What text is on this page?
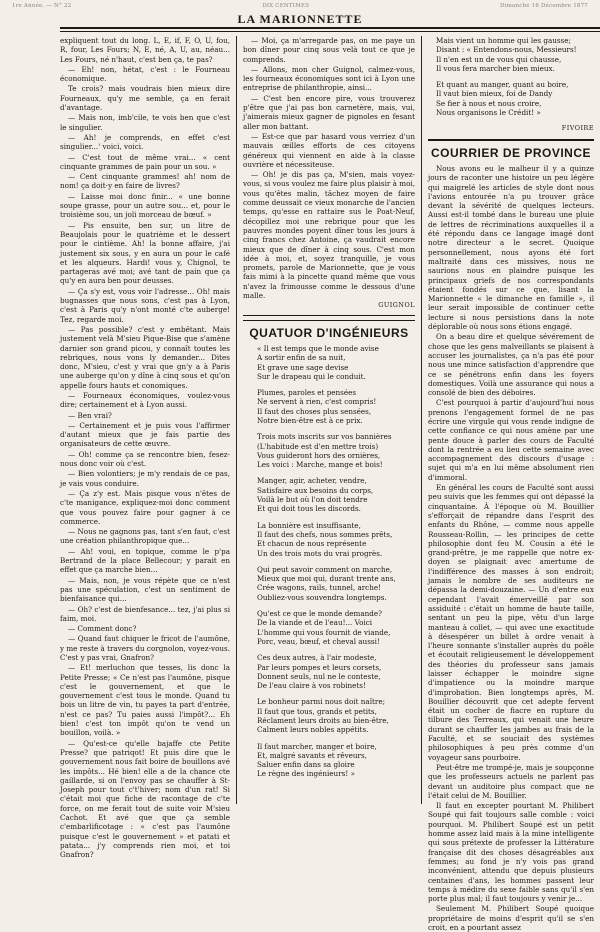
1re Année. — N° 22	DIX CENTIMES	Dimanche 16 Décembre 1877
LA MARIONNETTE

expliquent tout du long. L, E, if, F, O, U, fou, R, four, Les Fours; N, E, né, A, U, au, néau... Les Fours, né n'haut, c'est ben ça, te pas?

— Eh! non, hétat, c'est : le Fourneau économique.

Te crois? mais voudrais bien mieux dire Fourneaux, qu'y me semble, ça en ferait d'avantage.

— Mais non, imb'cile, te vois ben que c'est le singulier.

— Ah! je comprends, en effet c'est singulier...' voici, voici.

— C'est tout de même vrai... « cent cinquante grammes de pain pour un sou. »

— Cent cinquante grammes! ah! nom de nom! ça doit-y en faire de livres?

— Laisse moi donc finir... « une bonne soupe grasse, pour un autre sou... et, pour le troisième sou, un joli morceau de bœuf. »

— Pis ensuite, ben sur, un litre de Beaujolais pour le quatrième et le dessert pour le cintième. Ah! la bonne affaire, j'ai justement six sous, y en aura un pour le café et les alqueurs. Hardi! vous y, Chignol, te partageras avé moi; avé tant de pain que ça qu'y en aura ben pour deusses.

— Ça s'y est, vous voir l'adresse... Oh! mais bugnasses que nous sons, c'est pas à Lyon, c'est à Paris qu'y n'ont monté c'te auberge! Tez, regarde moi.

— Pas possible? c'est y embêtant. Mais justement velà M'sieu Pique-Bise que s'amène darnier son grand picou, y connaît toutes les rebriques, nous vons ly demander... Dites donc, M'sieu, c'est y vrai que gn'y a à Paris une auberge qu'on y dîne à cinq sous et qu'on appelle fours hauts et conomiques.

— Fourneaux économiques, voulez-vous dire; certainement et à Lyon aussi.

— Ben vrai?

— Certainement et je puis vous l'affirmer d'autant mieux que je fais partie des organisateurs de cette œuvre.

— Oh! comme ça se rencontre bien, fesez-nous donc voir où c'est.

— Bien volontiers; je m'y rendais de ce pas, je vais vous conduire.

— Ça z'y est. Mais pisque vous n'êtes de c'te manigance, expliquez-moi donc comment que vous pouvez faire pour gagner à ce commerce.

— Nous ne gagnons pas, tant s'en faut, c'est une création philanthropique que...

— Ah! voui, en topique, comme le p'pa Bertrand de la place Bellecour; y parait en effet que ça marche bien...

— Mais, non, je vous répète que ce n'est pas une spéculation, c'est un sentiment de bienfaisance qui...

— Oh? c'est de bienfesance... tez, j'ai plus si faim, moi.

— Comment donc?

— Quand faut chiquer le fricot de l'aumône, y me reste à travers du corgnolon, voyez-vous. C'est y pas vrai, Gnafron?

— Et! merluchon que tesses, lis donc la Petite Presse; « Ce n'est pas l'aumône, pisque c'est le gouvernement, et que le gouvernement c'est tous le monde. Quand tu bois un litre de vin, tu payes ta part d'entrée, n'est ce pas? Tu paies aussi l'impôt?... Eh bien! c'est ton impôt qu'on te vend un bouillon, voilà. »

— Qu'est-ce qu'elle bajaffe cte Petite Presse? que patriqot! Et puis dire que le gouvernement nous fait boire de bouillons avé les impôts... Hé bien! elle a de la chance cte gaillarde, si on l'envoy pas se chauffer à St-Joseph pour tout c't'hiver; nom d'un rat! Si c'était moi que fiche de racontage de c'te force, on me ferait tout de suite voir M'sieu Cachot. Et avé que que ça semble c'embarlificotage : « c'est pas l'aumône puisque c'est le gouvernement » et patati et patata... j'y comprends rien moi, et toi Gnafron?

— Moi, ça m'arregarde pas, on me paye un bon dîner pour cinq sous velà tout ce que je comprends.

— Allons, mon cher Guignol, calmez-vous, les fourneaux économiques sont ici à Lyon une entreprise de philanthropie, ainsi...

— C'est ben encore pire, vous trouverez p'être que j'ai pas bon carnetère, mais, vui, j'aimerais mieux gagner de pignoles en fesant aller mon battant.

— Est-ce que par hasard vous verriez d'un mauvais œilles efforts de ces citoyens généreux qui viennent en aide à la classe ouvrière et nécessiteuse.

— Oh! je dis pas ça, M'sien, mais voyez-vous, si vous voulez me faire plus plaisir à moi, vous qu'êtes malin, tâchez moyen de faire comme deussait ce vieux monarche de l'ancien temps, qu'esse en rattaire sus le Poat-Neuf, décopillez moi une rebrique pour que les pauvres mondes poyent dîner tous les jours à cinq francs chez Antoine, ça vaudrait encore mieux que de dîner à cinq sous. C'est mon idée à moi, et, soyez tranquille, je vous promets, parole de Marionnette, que je vous fais mimi à la pincette quand même que vous n'avez la frimousse comme le dessous d'une malle.

GUIGNOL
QUATUOR D'INGÉNIEURS
« Il est temps que le monde avise
A sortir enfin de sa nuit,
Et grave une sage devise
Sur le drapeau qui le conduit.
Plumes, paroles et pensées
Ne servent à rien, c'est compris!
Il faut des choses plus sensées,
Notre bien-être est à ce prix.
Trois mots inscrits sur vos bannières
(L'habitude est d'en mettre trois)
Vous guideront hors des ornières,
Les voici : Marche, mange et bois!
Manger, agir, acheter, vendre,
Satisfaire aux besoins du corps,
Voilà le but où l'on doit tendre
Et qui doit tous les discords.
La bonnière est insuffisante,
Il faut des chefs, nous sommes prêts,
Et chacun de nous représente
Un des trois mots du vrai progrès.
Qui peut savoir comment on marche,
Mieux que moi qui, durant trente ans,
Crée wagons, rails, tunnel, arche!
Oubliez-vous souvendra longtemps.
Qu'est ce que le monde demande?
De la viande et de l'eau!... Voici
L'homme qui vous fournit de viande,
Porc, veau, bœuf, et cheval aussi!
Ces deux autres, à l'air modeste,
Par leurs pompes et leurs corsets,
Donnent seuls, nul ne le conteste,
De l'eau claire à vos robinets!
Le bonheur parmi nous doit naître;
Il faut que tous, grands et petits,
Réclament leurs droits au bien-être,
Calment leurs nobles appétits.
Il faut marcher, manger et boire,
Et, malgré savants et rêveurs,
Saluer enfin dans sa gloire
Le règne des ingénieurs! »
Mais vient un homme qui les gausse;
Disant : « Entendons-nous, Messieurs!
Il n'en est un de vous qui chausse,
Il vous fera marcher bien mieux.
Et quant au manger, quant au boire,
Il vaut bien mieux, foi de Dandy
Se fier à nous et nous croire,
Nous organisons le Crédit! »
FIVOIRE
COURRIER DE PROVINCE

Nous avons eu le malheur il y a quinze jours de raconter une histoire un peu légère qui maigrelé les articles de style dont nous l'avions entourée n'a pu trouver grâce devant la sévérité de quelques lecteurs. Aussi est-il tombé dans le bureau une pluie de lettres de récriminations auxquelles il a été répondu dans ce langage imagé dont notre directeur a le secret. Quoique personnellement, nous ayons été fort maltraité dans ces missives, nous ne saurions nous en plaindre puisque les principaux griefs de nos correspondants étaient fondés sur ce que, lisant la Marionnette « le dimanche en famille », il leur serait impossible de continuer cette lecture si nous persistions dans la note déplorable où nous sons étions engagé.

On a beau dire et quelque sévérement de chose que les gens malveillants se plaisent à accuser les journalistes, ça n'a pas été pour nous une mince satisfaction d'apprendre que ce se pénétrons enfin dans les foyers domestiques. Voilà une assurance qui nous a consolé de bien des déboires.

C'est pourquoi à partir d'aujourd'hui nous prenons l'engagement formel de ne pas écrire une virgule qui vous rende indigne de cette confiance ce qui nous amène par une pente douce à parler des cours de Faculté dont la rentrée a eu lieu cette semaine avec accompagnement des discours d'usage : sujet qui m'a en lui même absolument rien d'immoral.

En général les cours de Faculté sont aussi peu suivis que les femmes qui ont dépassé la cinquantaine. À l'époque où M. Bouillier s'efforçait de répandre dans l'esprit des enfants du Rhône, — comme nous appelle Rousseau-Rollin, — les principes de cette philosophie dont feu M. Cousin a été le grand-prêtre, je me rappelle que notre ex-doyen se plaignait avec amertume de l'indifférence des masses à son endroit; jamais le nombre de ses auditeurs ne dépassa la demi-douzaine. — Un d'entre eux cependant l'avait émerveillé par son assiduité : c'était un homme de haute taille, sentant un peu la pipe, vêtu d'un large manteau à collet, — qui avec une exactitude à désespérer un billet à ordre venait à l'heure sonnante s'installer auprès du poêle et écoutait religieusement le développement des théories du professeur sans jamais laisser échapper le moindre signe d'impatience ou la moindre marque d'improbation. Bien longtemps après, M. Bouillier découvrit que cet adepte fervent était un cocher de fiacre en rupture du tilbure des Terreaux, qui venait une heure durant se chauffer les jambes au frais de la Faculté, et se souciait des systèmes philosophiques à peu près comme d'un voyageur sans pourboire.

Peut-être me trompé-je, mais je soupçonne que les professeurs actuels ne parlent pas devant un auditoire plus compact que ne l'était celui de M. Bouillier.

Il faut en excepter pourtant M. Philibert Soupé qui fait toujours salle comble : voici pourquoi. M. Philibert Soupé est un petit homme assez laid mais à la mine intelligente qui sous prétexte de professer la Littérature française dit des choses désagréables aux femmes; au fond je n'y vois pas grand inconvénient, attendu que depuis plusieurs centaines d'ans, les hommes passent leur temps à médire du sexe faible sans qu'il s'en porte plus mal; il faut toujours y venir je...

Seulement M. Philibert Soupé quoique propriétaire de moins d'esprit qu'il se s'en croit, en a pourtant assez
